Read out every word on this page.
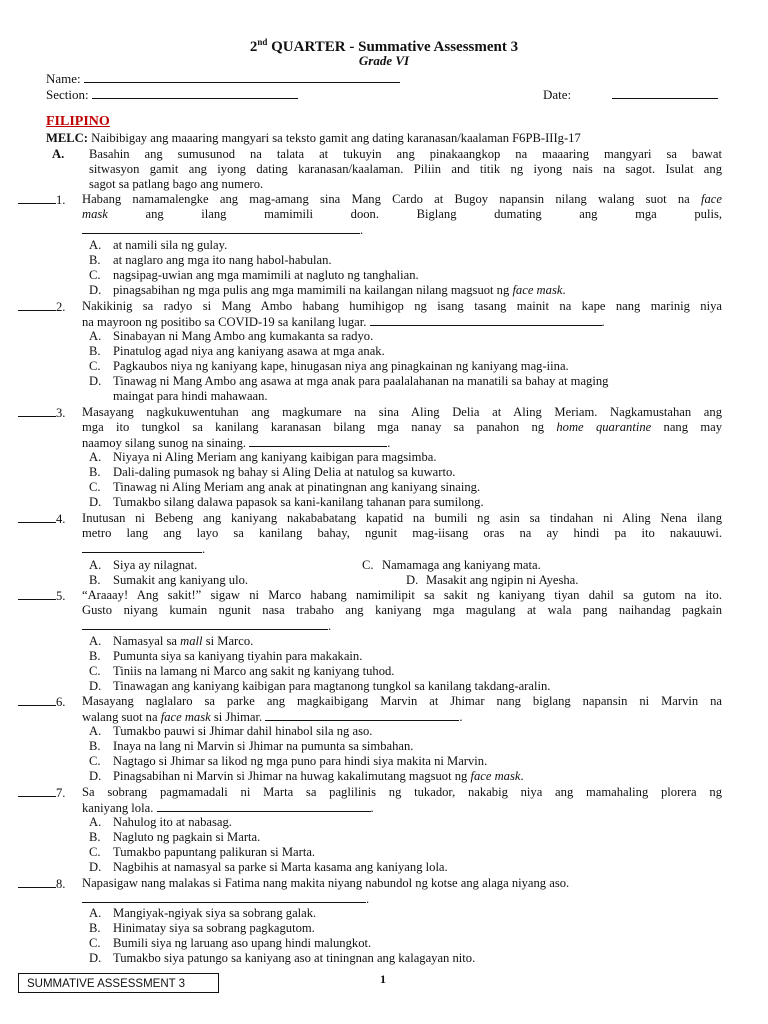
2nd QUARTER - Summative Assessment 3
Grade VI
Name:
Section:	Date:
FILIPINO
MELC: Naibibigay ang maaaring mangyari sa teksto gamit ang dating karanasan/kaalaman F6PB-IIIg-17
A. Basahin ang sumusunod na talata at tukuyin ang pinakaangkop na maaaring mangyari sa bawat
sitwasyon gamit ang iyong dating karanasan/kaalaman. Piliin and titik ng iyong nais na sagot. Isulat ang
sagot sa patlang bago ang numero.
1. Habang namamalengke ang mag-amang sina Mang Cardo at Bugoy napansin nilang walang suot na face
mask ang ilang mamimili doon. Biglang dumating ang mga pulis,
.
A. at namili sila ng gulay.
B. at naglaro ang mga ito nang habol-habulan.
C. nagsipag-uwian ang mga mamimili at nagluto ng tanghalian.
D. pinagsabihan ng mga pulis ang mga mamimili na kailangan nilang magsuot ng face mask.
2. Nakikinig sa radyo si Mang Ambo habang humihigop ng isang tasang mainit na kape nang marinig niya
na mayroon ng positibo sa COVID-19 sa kanilang lugar.	.
A. Sinabayan ni Mang Ambo ang kumakanta sa radyo.
B. Pinatulog agad niya ang kaniyang asawa at mga anak.
C. Pagkaubos niya ng kaniyang kape, hinugasan niya ang pinagkainan ng kaniyang mag-iina.
D. Tinawag ni Mang Ambo ang asawa at mga anak para paalalahanan na manatili sa bahay at maging
maingat para hindi mahawaan.
3. Masayang nagkukuwentuhan ang magkumare na sina Aling Delia at Aling Meriam. Nagkamustahan ang
mga ito tungkol sa kanilang karanasan bilang mga nanay sa panahon ng home quarantine nang may
naamoy silang sunog na sinaing.	.
A. Niyaya ni Aling Meriam ang kaniyang kaibigan para magsimba.
B. Dali-daling pumasok ng bahay si Aling Delia at natulog sa kuwarto.
C. Tinawag ni Aling Meriam ang anak at pinatingnan ang kaniyang sinaing.
D. Tumakbo silang dalawa papasok sa kani-kanilang tahanan para sumilong.
4. Inutusan ni Bebeng ang kaniyang nakababatang kapatid na bumili ng asin sa tindahan ni Aling Nena ilang
metro lang ang layo sa kanilang bahay, ngunit mag-iisang oras na ay hindi pa ito nakauuwi.
.
A. Siya ay nilagnat.	C. Namamaga ang kaniyang mata.
B. Sumakit ang kaniyang ulo.	D. Masakit ang ngipin ni Ayesha.
5. “Araaay! Ang sakit!” sigaw ni Marco habang namimilipit sa sakit ng kaniyang tiyan dahil sa gutom na ito.
Gusto niyang kumain ngunit nasa trabaho ang kaniyang mga magulang at wala pang naihandag pagkain
.
A. Namasyal sa mall si Marco.
B. Pumunta siya sa kaniyang tiyahin para makakain.
C. Tiniis na lamang ni Marco ang sakit ng kaniyang tuhod.
D. Tinawagan ang kaniyang kaibigan para magtanong tungkol sa kanilang takdang-aralin.
6. Masayang naglalaro sa parke ang magkaibigang Marvin at Jhimar nang biglang napansin ni Marvin na
walang suot na face mask si Jhimar.	.
A. Tumakbo pauwi si Jhimar dahil hinabol sila ng aso.
B. Inaya na lang ni Marvin si Jhimar na pumunta sa simbahan.
C. Nagtago si Jhimar sa likod ng mga puno para hindi siya makita ni Marvin.
D. Pinagsabihan ni Marvin si Jhimar na huwag kakalimutang magsuot ng face mask.
7. Sa sobrang pagmamadali ni Marta sa paglilinis ng tukador, nakabig niya ang mamahaling plorera ng
kaniyang lola.	.
A. Nahulog ito at nabasag.
B. Nagluto ng pagkain si Marta.
C. Tumakbo papuntang palikuran si Marta.
D. Nagbihis at namasyal sa parke si Marta kasama ang kaniyang lola.
8. Napasigaw nang malakas si Fatima nang makita niyang nabundol ng kotse ang alaga niyang aso.
.
A. Mangiyak-ngiyak siya sa sobrang galak.
B. Hinimatay siya sa sobrang pagkagutom.
C. Bumili siya ng laruang aso upang hindi malungkot.
D. Tumakbo siya patungo sa kaniyang aso at tiningnan ang kalagayan nito.
SUMMATIVE ASSESSMENT 3	1
